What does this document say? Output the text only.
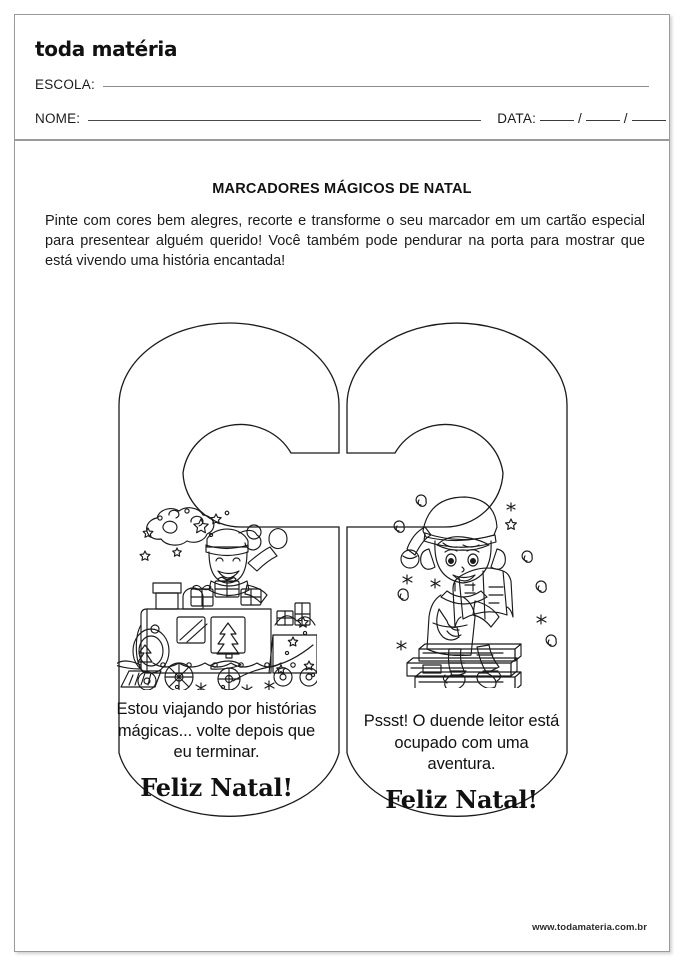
toda matéria
ESCOLA:
NOME:	DATA:	/	/
MARCADORES MÁGICOS DE NATAL
Pinte com cores bem alegres, recorte e transforme o seu marcador em um cartão especial para presentear alguém querido! Você também pode pendurar na porta para mostrar que está vivendo uma história encantada!
Estou viajando por histórias mágicas... volte depois que eu terminar.
Feliz Natal!
Pssst! O duende leitor está ocupado com uma aventura.
Feliz Natal!
www.todamateria.com.br
